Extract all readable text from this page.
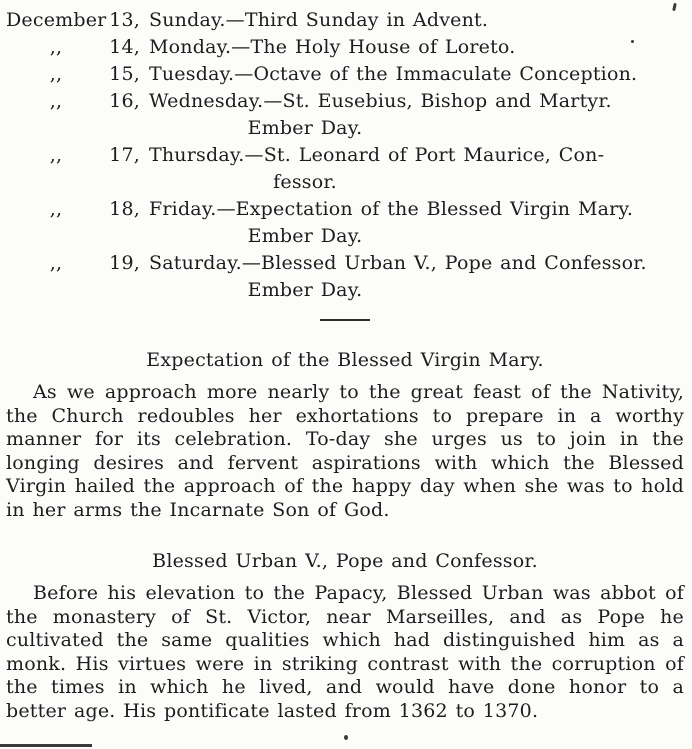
December 13, Sunday.—Third Sunday in Advent.
,,	14, Monday.—The Holy House of Loreto.
,,	15, Tuesday.—Octave of the Immaculate Conception.
,,	16, Wednesday.—St. Eusebius, Bishop and Martyr.
Ember Day.
,,	17, Thursday.—St. Leonard of Port Maurice, Con-
fessor.
,,	18, Friday.—Expectation of the Blessed Virgin Mary.
Ember Day.
,,	19, Saturday.—Blessed Urban V., Pope and Confessor.
Ember Day.
Expectation of the Blessed Virgin Mary.

As we approach more nearly to the great feast of the Nativity, the Church redoubles her exhortations to prepare in a worthy manner for its celebration. To-day she urges us to join in the longing desires and fervent aspirations with which the Blessed Virgin hailed the approach of the happy day when she was to hold in her arms the Incarnate Son of God.

Blessed Urban V., Pope and Confessor.

Before his elevation to the Papacy, Blessed Urban was abbot of the monastery of St. Victor, near Marseilles, and as Pope he cultivated the same qualities which had distinguished him as a monk. His virtues were in striking contrast with the corruption of the times in which he lived, and would have done honor to a better age. His pontificate lasted from 1362 to 1370.
